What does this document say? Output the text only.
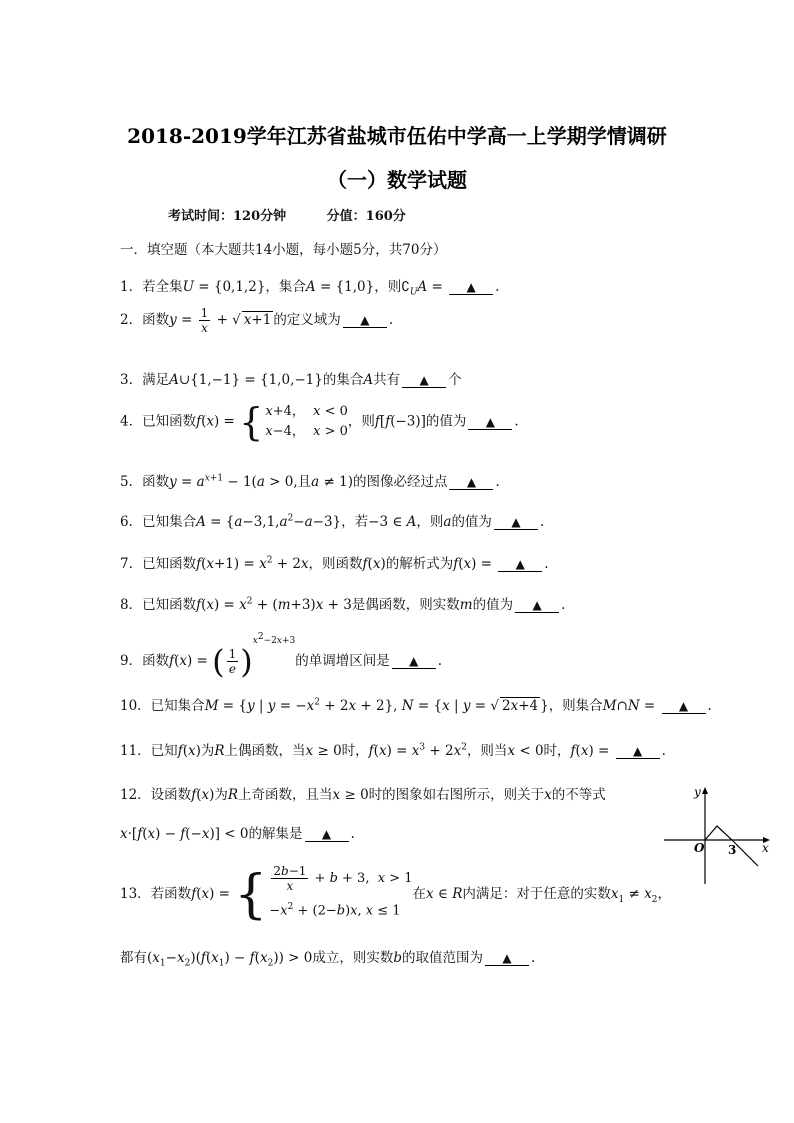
2018-2019学年江苏省盐城市伍佑中学高一上学期学情调研
（一）数学试题
考试时间：120分钟	分值：160分
一．填空题（本大题共14小题，每小题5分，共70分）
1．若全集U = {0,1,2}，集合A = {1,0}，则$∁_UA$ = ▲ .
2．函数$y = \frac{1}{x}$ + √ x+1 的定义域为 ▲ .
3．满足A∪{1,−1} = {1,0,−1}的集合A共有 ▲ 个
4．已知函数f(x) = { x+4，  x < 0
x−4，  x > 0
，则f[f(−3)]的值为 ▲ .
5．函数$y = a^{x+1} - 1(a > 0$,且a ≠ 1)的图像必经过点 ▲ .
6．已知集合$A = \{a-3,1,a^2-a-3\}$，若−3 ∈ A，则a的值为 ▲ .
7．已知函数$f(x+1) = x^2 + 2x$，则函数f(x)的解析式为f(x) = ▲ .
8．已知函数$f(x) = x^2 + (m+3)x + 3$是偶函数，则实数m的值为 ▲ .
9．函数f(x) = ( $\frac{1}{e} )^{x^2-2x+3}$的单调增区间是 ▲ .
10．已知集合M = {y | $y = -x^2 + 2x + 2$}, N = {x | y = √ 2x+4 }，则集合M∩N = ▲ .
11．已知f(x)为R上偶函数，当x ≥ 0时，$f(x) = x^3 + 2x^2$，则当x < 0时，f(x) = ▲ .
12．设函数f(x)为R上奇函数，且当x ≥ 0时的图象如右图所示，则关于x的不等式
x·[f(x) − f(−x)] < 0的解集是 ▲ .
y
x
O 3
13．若函数f(x) = { $\frac{2b-1}{x} + b + 3$,  x > 1
$-x^2 + (2-b)x$, x ≤ 1
在x ∈ R内满足：对于任意的实数$x_1 \ne x_2$，
都有$(x_1-x_2)(f(x_1) - f(x_2)) > 0$成立，则实数b的取值范围为 ▲ .
